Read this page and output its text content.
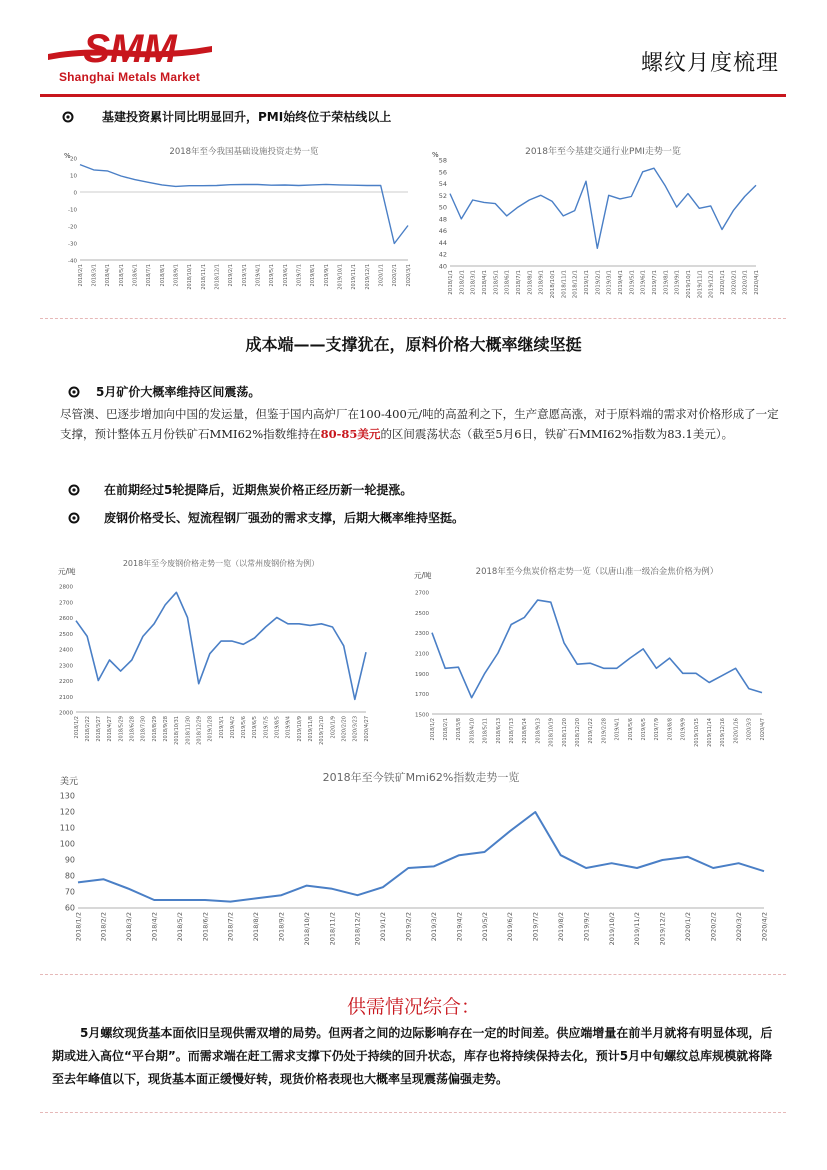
SMM
Shanghai Metals Market
螺纹月度梳理
基建投资累计同比明显回升，PMI始终位于荣枯线以上
2018年至今我国基础设施投资走势一览
% 20
10
0
-10
-20
-30
-40
2018/2/1 2018/3/1 2018/4/1 2018/5/1 2018/6/1 2018/7/1 2018/8/1 2018/9/1 2018/10/1 2018/11/1 2018/12/1 2019/2/1 2019/3/1 2019/4/1 2019/5/1 2019/6/1 2019/7/1 2019/8/1 2019/9/1 2019/10/1 2019/11/1 2019/12/1 2020/1/1 2020/2/1 2020/3/1
2018年至今基建交通行业PMI走势一览
%
58
56
54
52
50
48
46
44
42
40
2018/1/1 2018/2/1 2018/3/1 2018/4/1 2018/5/1 2018/6/1 2018/7/1 2018/8/1 2018/9/1 2018/10/1 2018/11/1 2018/12/1 2019/1/1 2019/2/1 2019/3/1 2019/4/1 2019/5/1 2019/6/1 2019/7/1 2019/8/1 2019/9/1 2019/10/1 2019/11/1 2019/12/1 2020/1/1 2020/2/1 2020/3/1 2020/4/1
成本端——支撑犹在，原料价格大概率继续坚挺
5月矿价大概率维持区间震荡。
尽管澳、巴逐步增加向中国的发运量，但鉴于国内高炉厂在100-400元/吨的高盈利之下，生产意愿高涨，对于原料端的需求对价格形成了一定支撑，预计整体五月份铁矿石MMI62%指数维持在80-85美元的区间震荡状态（截至5月6日，铁矿石MMI62%指数为83.1美元）。
在前期经过5轮提降后，近期焦炭价格正经历新一轮提涨。
废钢价格受长、短流程钢厂强劲的需求支撑，后期大概率维持坚挺。
2018年至今废钢价格走势一览（以常州废钢价格为例）
元/吨
2800
2700
2600
2500
2400
2300
2200
2100
2000
2018/1/2 2018/2/22 2018/3/27 2018/4/27 2018/5/29 2018/6/28 2018/7/30 2018/8/29 2018/9/28 2018/10/31 2018/11/30 2018/12/29 2019/1/28 2019/3/1 2019/4/2 2019/5/6 2019/6/5 2019/7/5 2019/8/5 2019/9/4 2019/10/9 2019/11/8 2019/12/10 2020/1/9 2020/2/20 2020/3/23 2020/4/27
2018年至今焦炭价格走势一览（以唐山准一级冶金焦价格为例）
元/吨
2700
2500
2300
2100
1900
1700
1500
2018/1/2 2018/2/1 2018/3/8 2018/4/10 2018/5/11 2018/6/13 2018/7/13 2018/8/14 2018/9/13 2018/10/19 2018/11/20 2018/12/20 2019/1/22 2019/2/28 2019/4/1 2019/5/6 2019/6/5 2019/7/9 2019/8/8 2019/9/9 2019/10/15 2019/11/14 2019/12/16 2020/1/16 2020/3/3 2020/4/7
2018年至今铁矿Mmi62%指数走势一览
美元
130
120
110
100
90
80
70
60
2018/1/2	2018/2/2	2018/3/2	2018/4/2	2018/5/2	2018/6/2	2018/7/2	2018/8/2	2018/9/2	2018/10/2	2018/11/2	2018/12/2	2019/1/2	2019/2/2	2019/3/2	2019/4/2	2019/5/2	2019/6/2	2019/7/2	2019/8/2	2019/9/2	2019/10/2	2019/11/2	2019/12/2	2020/1/2	2020/2/2	2020/3/2	2020/4/2
供需情况综合：
5月螺纹现货基本面依旧呈现供需双增的局势。但两者之间的边际影响存在一定的时间差。供应端增量在前半月就将有明显体现，后期或进入高位“平台期”。而需求端在赶工需求支撑下仍处于持续的回升状态，库存也将持续保持去化，预计5月中旬螺纹总库规模就将降至去年峰值以下，现货基本面正缓慢好转，现货价格表现也大概率呈现震荡偏强走势。
